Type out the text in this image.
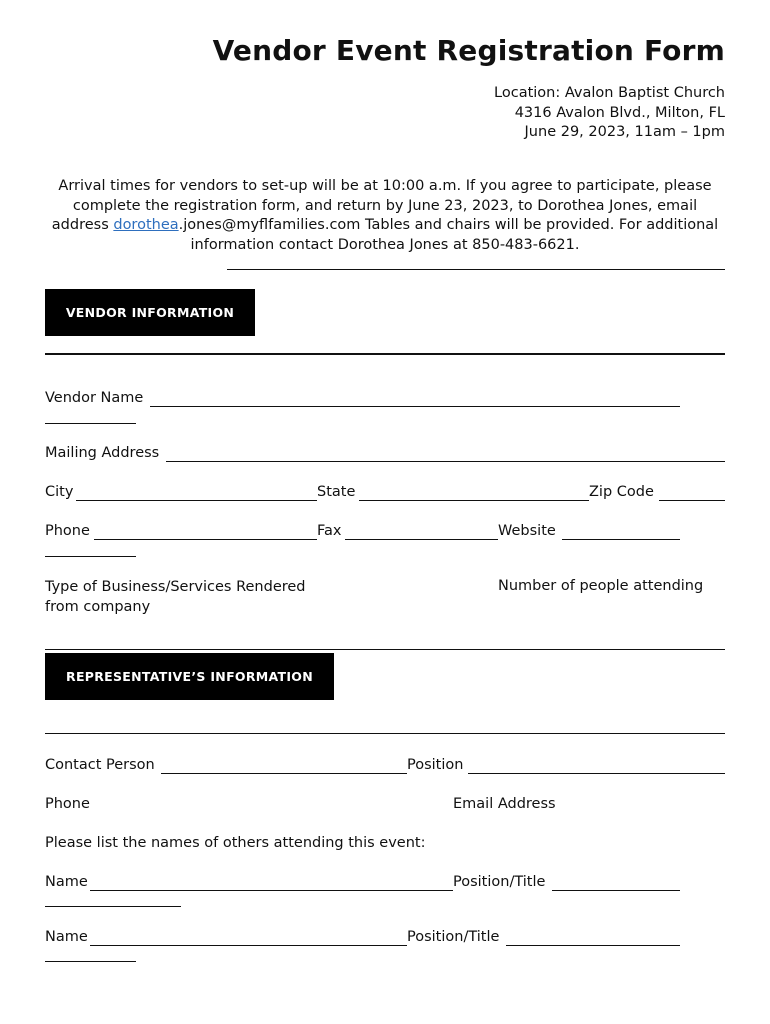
Vendor Event Registration Form
Location: Avalon Baptist Church
4316 Avalon Blvd., Milton, FL
June 29, 2023, 11am – 1pm
Arrival times for vendors to set-up will be at 10:00 a.m. If you agree to participate, please complete the registration form, and return by June 23, 2023, to Dorothea Jones, email address dorothea.jones@myflfamilies.com Tables and chairs will be provided. For additional information contact Dorothea Jones at 850-483-6621.
VENDOR INFORMATION
Vendor Name
Mailing Address
City	State	Zip Code
Phone	Fax	Website
Type of Business/Services Rendered
from company
Number of people attending
REPRESENTATIVE’S INFORMATION
Contact Person	Position
Phone	Email Address
Please list the names of others attending this event:
Name	Position/Title
Name	Position/Title
